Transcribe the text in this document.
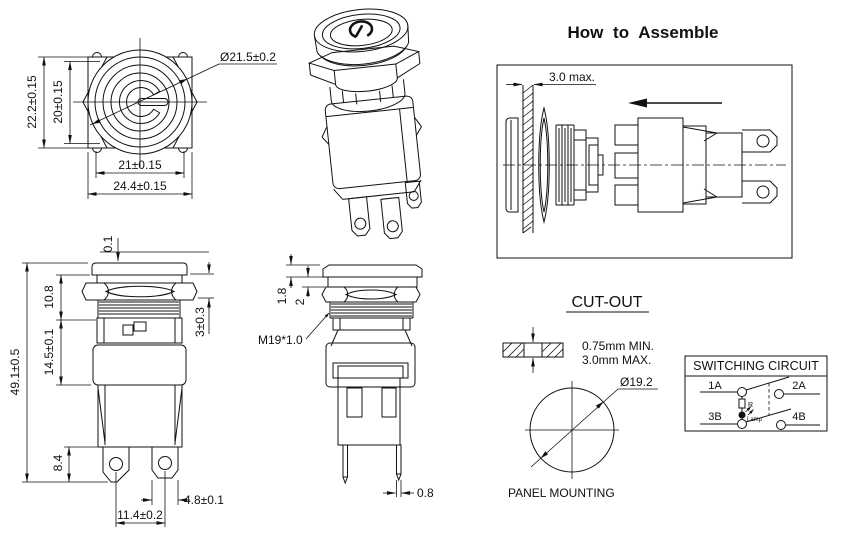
22.2±0.15 20±0.15
21±0.15
24.4±0.15
Ø21.5±0.2
49.1±0.5
10.8
14.5±0.1
0.1
3±0.3
8.4
4.8±0.1
11.4±0.2
1.8 2
M19*1.0
0.8
How to Assemble
3.0 max.
CUT-OUT
0.75mm MIN.
3.0mm MAX.
Ø19.2
PANEL MOUNTING
SWITCHING CIRCUIT
1A	2A
3B	4B
R
Lamp
